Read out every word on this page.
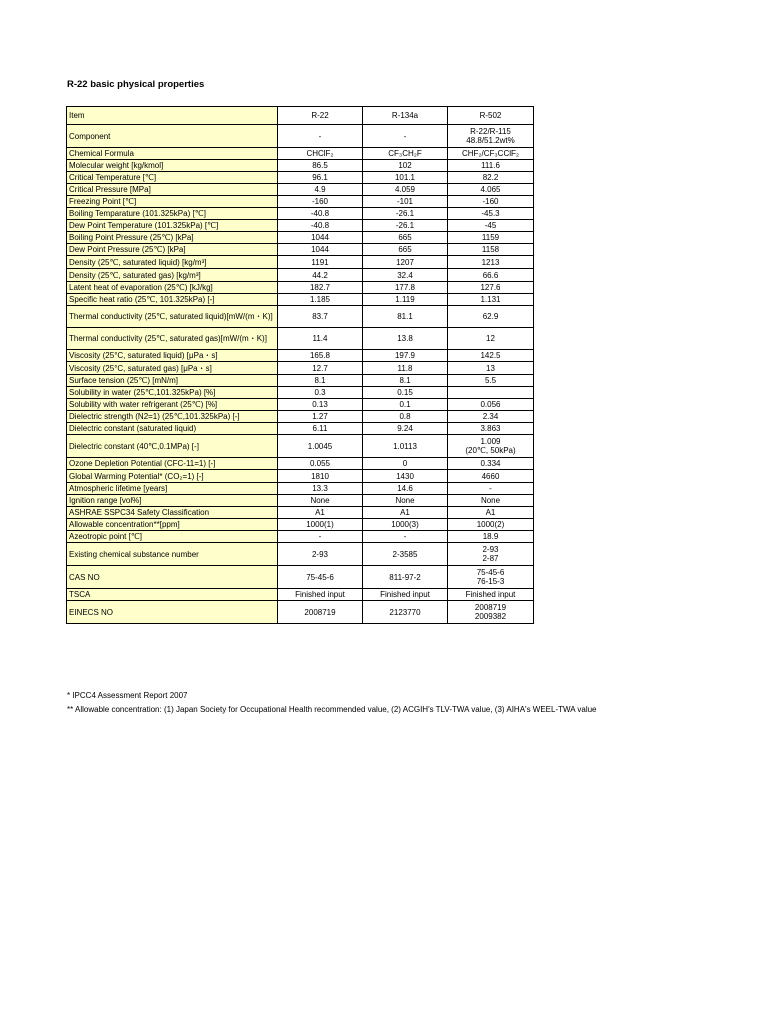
R-22 basic physical properties
Item	R-22	R-134a	R-502
Component	-	-	R-22/R-115
48.8/51.2wt%
Chemical Formula	CHClF₂	CF₃CH₂F	CHF₂/CF₃CClF₂
Molecular weight [kg/kmol]	86.5	102	111.6
Critical Temperature [℃]	96.1	101.1	82.2
Critical Pressure [MPa]	4.9	4.059	4.065
Freezing Point [℃]	-160	-101	-160
Boiling Temparature (101.325kPa) [℃]	-40.8	-26.1	-45.3
Dew Point Temperature (101.325kPa) [℃]	-40.8	-26.1	-45
Boiling Point Pressure (25℃) [kPa]	1044	665	1159
Dew Point Pressure (25℃) [kPa]	1044	665	1158
Density (25℃, saturated liquid) [kg/m³]	1191	1207	1213
Density (25℃, saturated gas) [kg/m³]	44.2	32.4	66.6
Latent heat of evaporation (25℃) [kJ/kg]	182.7	177.8	127.6
Specific heat ratio (25℃, 101.325kPa) [-]	1.185	1.119	1.131
Thermal conductivity (25℃, saturated liquid)[mW/(m・K)]	83.7	81.1	62.9
Thermal conductivity (25℃, saturated gas)[mW/(m・K)]	11.4	13.8	12
Viscosity (25°C, saturated liquid) [μPa・s]	165.8	197.9	142.5
Viscosity (25°C, saturated gas) [μPa・s]	12.7	11.8	13
Surface tension (25℃) [mN/m]	8.1	8.1	5.5
Solubility in water (25℃,101.325kPa) [%]	0.3	0.15	
Solubility with water refrigerant (25℃) [%]	0.13	0.1	0.056
Dielectric strength (N2=1) (25℃,101.325kPa) [-]	1.27	0.8	2.34
Dielectric constant (saturated liquid)	6.11	9.24	3.863
Dielectric constant (40℃,0.1MPa) [-]	1.0045	1.0113	1.009
(20℃, 50kPa)
Ozone Depletion Potential (CFC-11=1) [-]	0.055	0	0.334
Global Warming Potential* (CO₂=1) [-]	1810	1430	4660
Atmospheric lifetime [years]	13.3	14.6	-
Ignition range [vol%]	None	None	None
ASHRAE SSPC34 Safety Classification	A1	A1	A1
Allowable concentration**[ppm]	1000(1)	1000(3)	1000(2)
Azeotropic point [℃]	-	-	18.9
Existing chemical substance number	2-93	2-3585	2-93
2-87
CAS NO	75-45-6	811-97-2	75-45-6
76-15-3
TSCA	Finished input	Finished input	Finished input
EINECS NO	2008719	2123770	2008719
2009382
* IPCC4 Assessment Report 2007
** Allowable concentration: (1) Japan Society for Occupational Health recommended value, (2) ACGIH's TLV-TWA value, (3) AIHA's WEEL-TWA value
